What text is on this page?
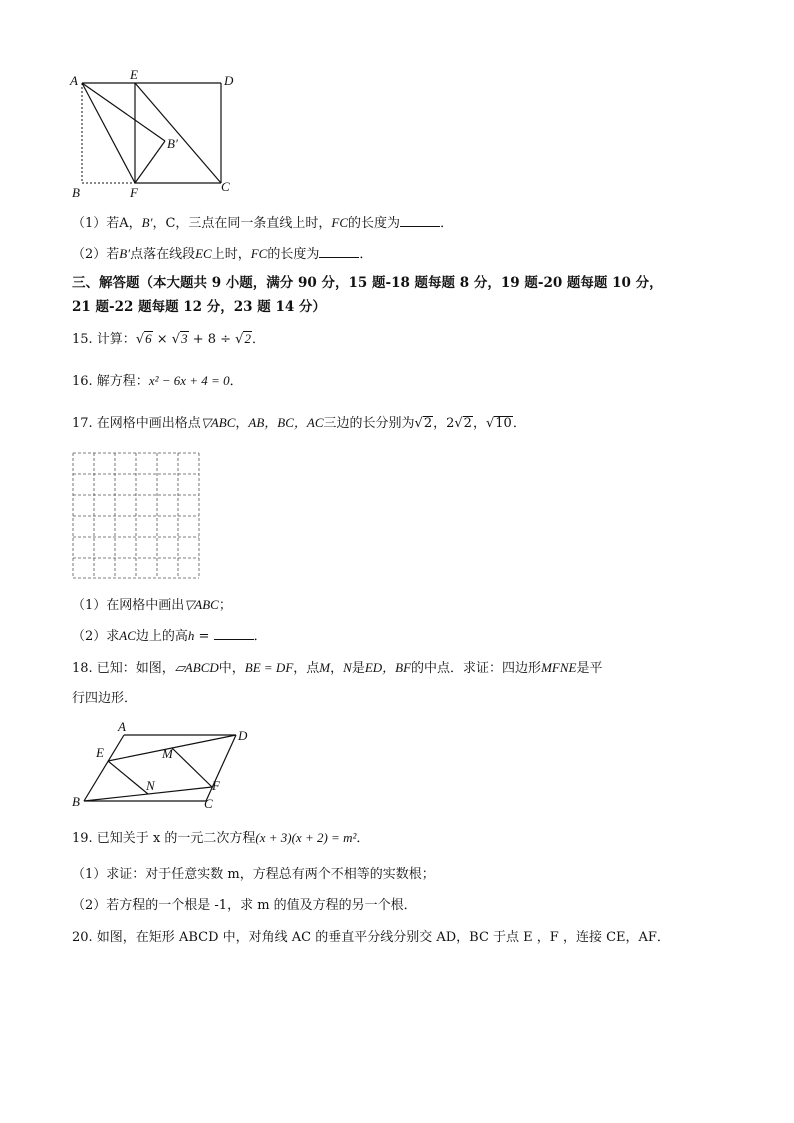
A	E	D
B′
B	F	C
（1）若A，B′，C，三点在同一条直线上时，FC的长度为	．
（2）若B′点落在线段EC上时，FC的长度为	．
三、解答题（本大题共 9 小题，满分 90 分，15 题-18 题每题 8 分，19 题-20 题每题 10 分，
21 题-22 题每题 12 分，23 题 14 分）
15. 计算：√6 × √3 + 8 ÷ √2．
16. 解方程：x² − 6x + 4 = 0．
17. 在网格中画出格点▽ABC，AB，BC，AC三边的长分别为√2，2√2，√10．
（1）在网格中画出▽ABC；
（2）求AC边上的高h =	．
18. 已知：如图，▱ABCD中，BE = DF，点M，N是ED，BF的中点．求证：四边形MFNE是平
行四边形．
A
D
E	M
N	F
B	C
19. 已知关于 x 的一元二次方程(x + 3)(x + 2) = m²．
（1）求证：对于任意实数 m，方程总有两个不相等的实数根；
（2）若方程的一个根是 -1，求 m 的值及方程的另一个根．
20. 如图，在矩形 ABCD 中，对角线 AC 的垂直平分线分别交 AD，BC 于点 E ，F ，连接 CE，AF．
